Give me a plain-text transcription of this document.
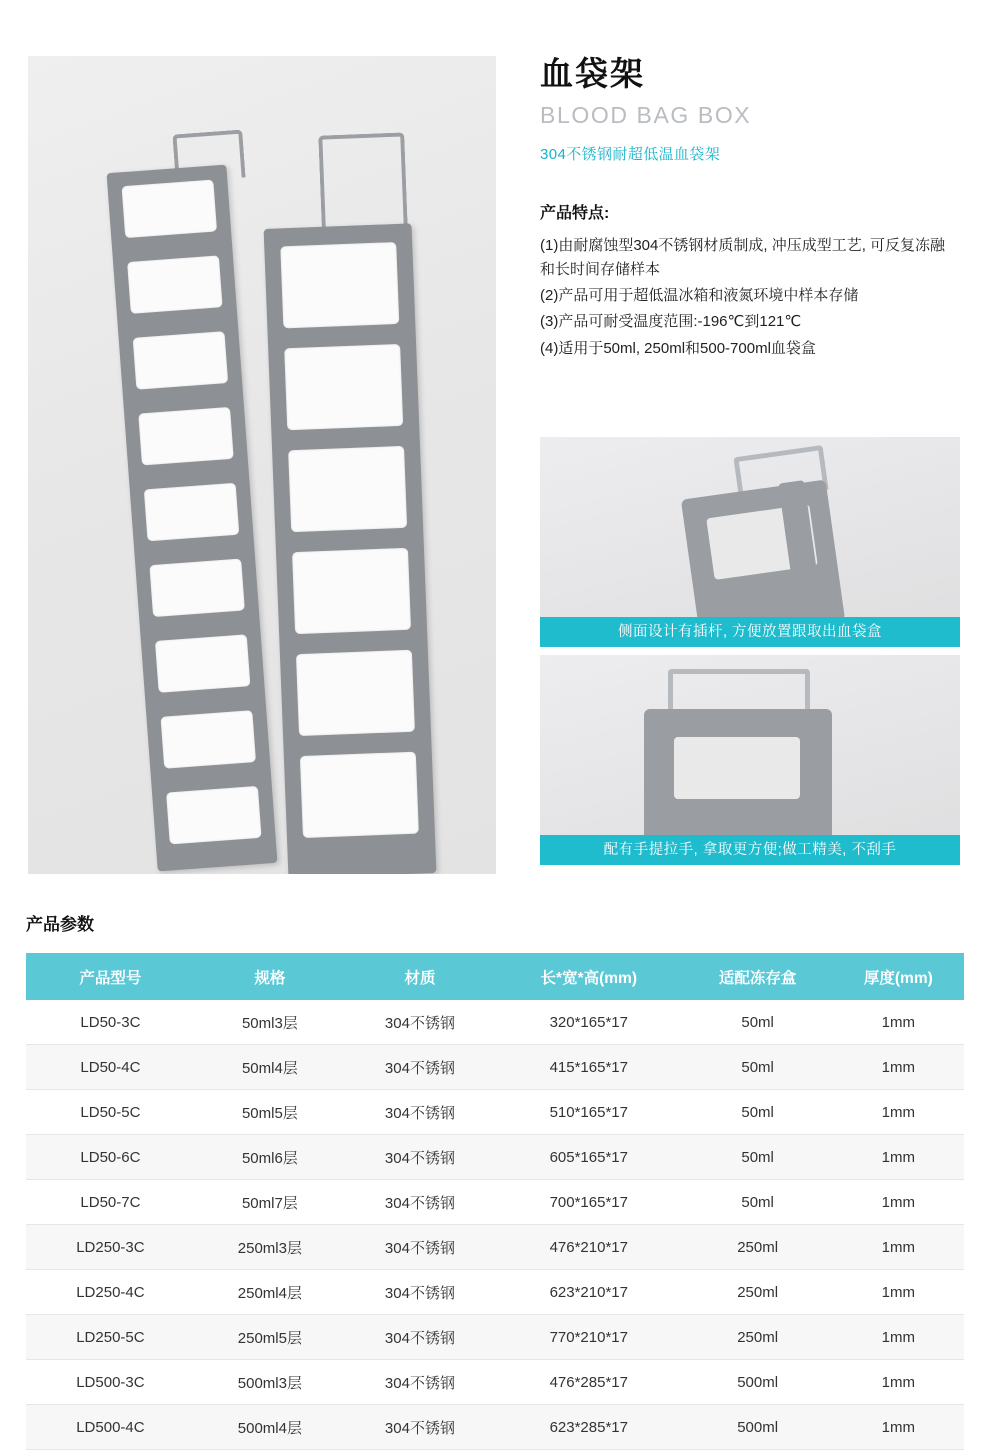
血袋架
BLOOD BAG BOX
304不锈钢耐超低温血袋架
产品特点:
(1)由耐腐蚀型304不锈钢材质制成, 冲压成型工艺, 可反复冻融和长时间存储样本
(2)产品可用于超低温冰箱和液氮环境中样本存储
(3)产品可耐受温度范围:-196℃到121℃
(4)适用于50ml, 250ml和500-700ml血袋盒
侧面设计有插杆, 方便放置跟取出血袋盒
配有手提拉手, 拿取更方便;做工精美, 不刮手
产品参数
产品型号	规格	材质	长*宽*高(mm)	适配冻存盒	厚度(mm)
LD50-3C	50ml3层	304不锈钢	320*165*17	50ml	1mm
LD50-4C	50ml4层	304不锈钢	415*165*17	50ml	1mm
LD50-5C	50ml5层	304不锈钢	510*165*17	50ml	1mm
LD50-6C	50ml6层	304不锈钢	605*165*17	50ml	1mm
LD50-7C	50ml7层	304不锈钢	700*165*17	50ml	1mm
LD250-3C	250ml3层	304不锈钢	476*210*17	250ml	1mm
LD250-4C	250ml4层	304不锈钢	623*210*17	250ml	1mm
LD250-5C	250ml5层	304不锈钢	770*210*17	250ml	1mm
LD500-3C	500ml3层	304不锈钢	476*285*17	500ml	1mm
LD500-4C	500ml4层	304不锈钢	623*285*17	500ml	1mm
